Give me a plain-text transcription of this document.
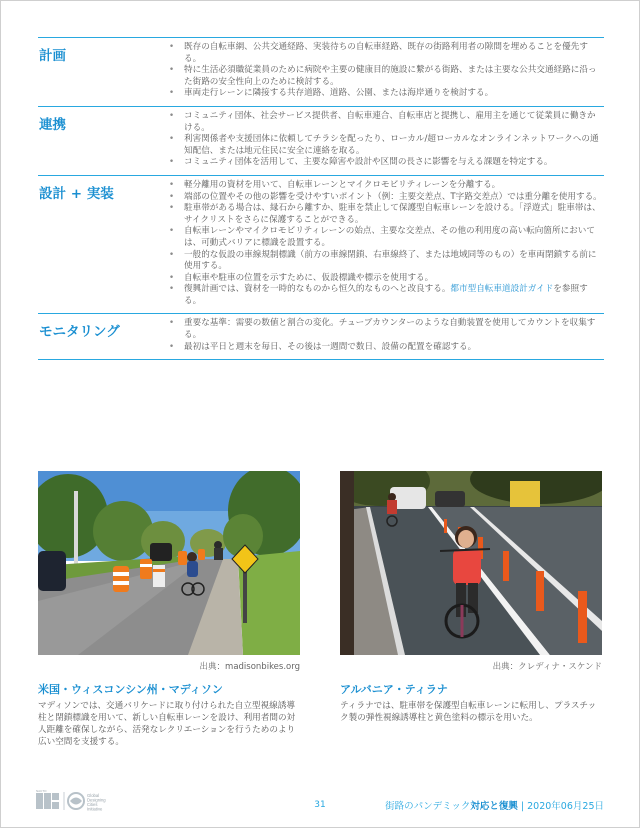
計画
• 既存の自転車網、公共交通経路、実装待ちの自転車経路、既存の街路利用者の隙間を埋めることを優先する。
• 特に生活必須職従業員のために病院や主要の健康目的施設に繋がる街路、または主要な公共交通経路に沿った街路の安全性向上のために検討する。
• 車両走行レーンに隣接する共存道路、道路、公園、または海岸通りを検討する。
連携
• コミュニティ団体、社会サービス提供者、自転車連合、自転車店と提携し、雇用主を通じて従業員に働きかける。
• 利害関係者や支援団体に依頼してチラシを配ったり、ローカル/超ローカルなオンラインネットワークへの通知配信、または地元住民に安全に連絡を取る。
• コミュニティ団体を活用して、主要な障害や設計や区間の長さに影響を与える課題を特定する。
設計 + 実装
• 軽分離用の資材を用いて、自転車レーンとマイクロモビリティレーンを分離する。
• 端部の位置やその他の影響を受けやすいポイント（例：主要交差点、T字路交差点）では重分離を使用する。
• 駐車帯がある場合は、縁石から離すか、駐車を禁止して保護型自転車レーンを設ける。「浮遊式」駐車帯は、サイクリストをさらに保護することができる。
• 自転車レーンやマイクロモビリティレーンの始点、主要な交差点、その他の利用度の高い転向箇所においては、可動式バリアに標識を設置する。
• 一般的な仮設の車線規制標識（前方の車線閉鎖、右車線終了、または地域同等のもの）を車両閉鎖する前に使用する。
• 自転車や駐車の位置を示すために、仮設標識や標示を使用する。
• 復興計画では、資材を一時的なものから恒久的なものへと改良する。都市型自転車道設計ガイドを参照する。
モニタリング
• 重要な基準：需要の数値と割合の変化。チューブカウンターのような自動装置を使用してカウントを収集する。
• 最初は平日と週末を毎日、その後は一週間で数日、設備の配置を確認する。
出典：madisonbikes.org
米国・ウィスコンシン州・マディソン
マディソンでは、交通バリケードに取り付けられた自立型視線誘導柱と閉鎖標識を用いて、新しい自転車レーンを設け、利用者間の対人距離を確保しながら、活発なレクリエーションを行うためのより広い空間を支援する。
出典：クレディナ・スケンド
アルバニア・ティラナ
ティラナでは、駐車帯を保護型自転車レーンに転用し、プラスチック製の弾性視線誘導柱と黄色塗料の標示を用いた。
NACTO
Global
Designing
Cities
Initiative	31	街路のパンデミック対応と復興 | 2020年06月25日
